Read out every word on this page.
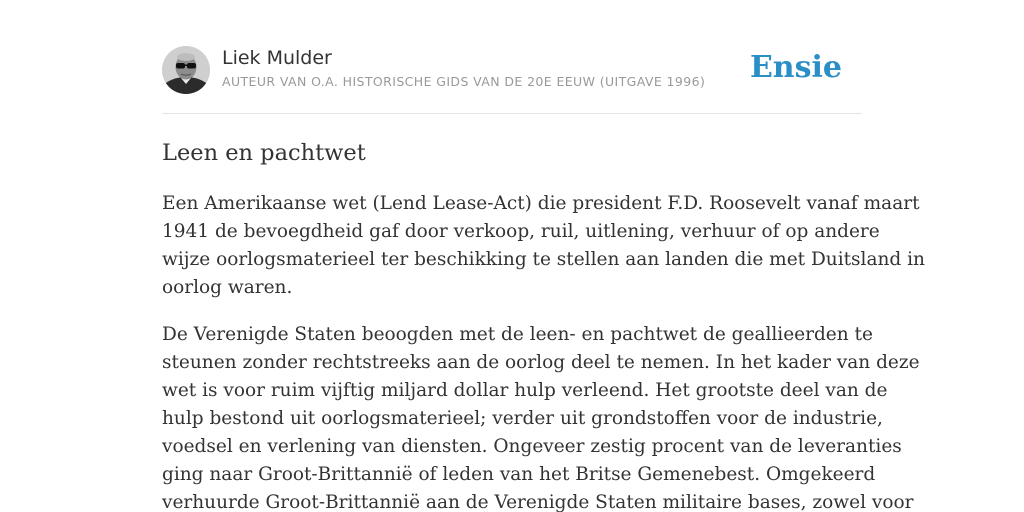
Liek Mulder
AUTEUR VAN O.A. HISTORISCHE GIDS VAN DE 20E EEUW (UITGAVE 1996) Ensie
Leen en pachtwet

Een Amerikaanse wet (Lend Lease-Act) die president F.D. Roosevelt vanaf maart
1941 de bevoegdheid gaf door verkoop, ruil, uitlening, verhuur of op andere
wijze oorlogsmaterieel ter beschikking te stellen aan landen die met Duitsland in
oorlog waren.

De Verenigde Staten beoogden met de leen- en pachtwet de geallieerden te
steunen zonder rechtstreeks aan de oorlog deel te nemen. In het kader van deze
wet is voor ruim vijftig miljard dollar hulp verleend. Het grootste deel van de
hulp bestond uit oorlogsmaterieel; verder uit grondstoffen voor de industrie,
voedsel en verlening van diensten. Ongeveer zestig procent van de leveranties
ging naar Groot-Brittannië of leden van het Britse Gemenebest. Omgekeerd
verhuurde Groot-Brittannië aan de Verenigde Staten militaire bases, zowel voor
